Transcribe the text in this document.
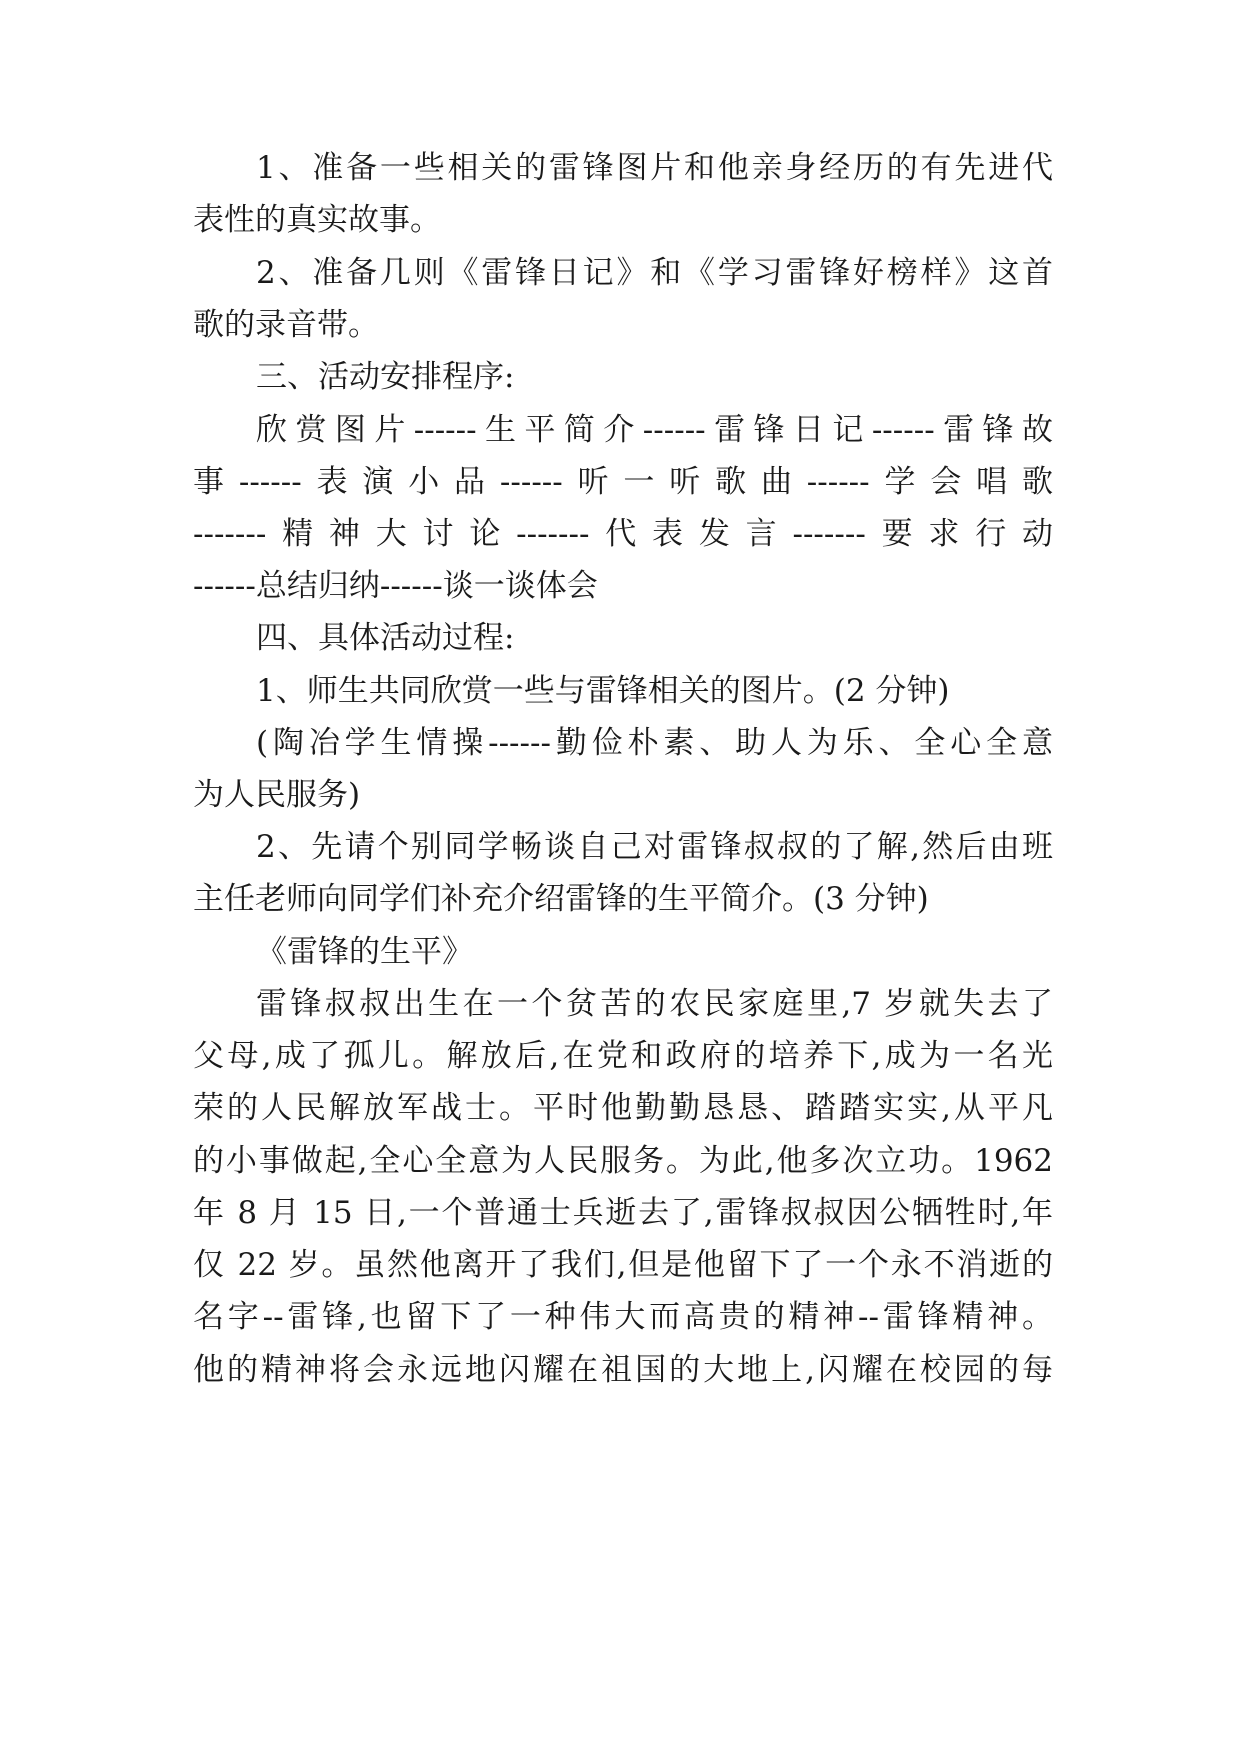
1、准备一些相关的雷锋图片和他亲身经历的有先进代
表性的真实故事。
2、准备几则《雷锋日记》和《学习雷锋好榜样》这首
歌的录音带。
三、活动安排程序:
欣赏图片------生平简介------雷锋日记------雷锋故
事------表演小品------听一听歌曲------学会唱歌
-------精神大讨论-------代表发言-------要求行动
------总结归纳------谈一谈体会
四、具体活动过程:
1、师生共同欣赏一些与雷锋相关的图片。(2 分钟)
(陶冶学生情操------勤俭朴素、助人为乐、全心全意
为人民服务)
2、先请个别同学畅谈自己对雷锋叔叔的了解,然后由班
主任老师向同学们补充介绍雷锋的生平简介。(3 分钟)
《雷锋的生平》
雷锋叔叔出生在一个贫苦的农民家庭里,7 岁就失去了
父母,成了孤儿。解放后,在党和政府的培养下,成为一名光
荣的人民解放军战士。平时他勤勤恳恳、踏踏实实,从平凡
的小事做起,全心全意为人民服务。为此,他多次立功。1962
年 8 月 15 日,一个普通士兵逝去了,雷锋叔叔因公牺牲时,年
仅 22 岁。虽然他离开了我们,但是他留下了一个永不消逝的
名字--雷锋,也留下了一种伟大而高贵的精神--雷锋精神。
他的精神将会永远地闪耀在祖国的大地上,闪耀在校园的每
